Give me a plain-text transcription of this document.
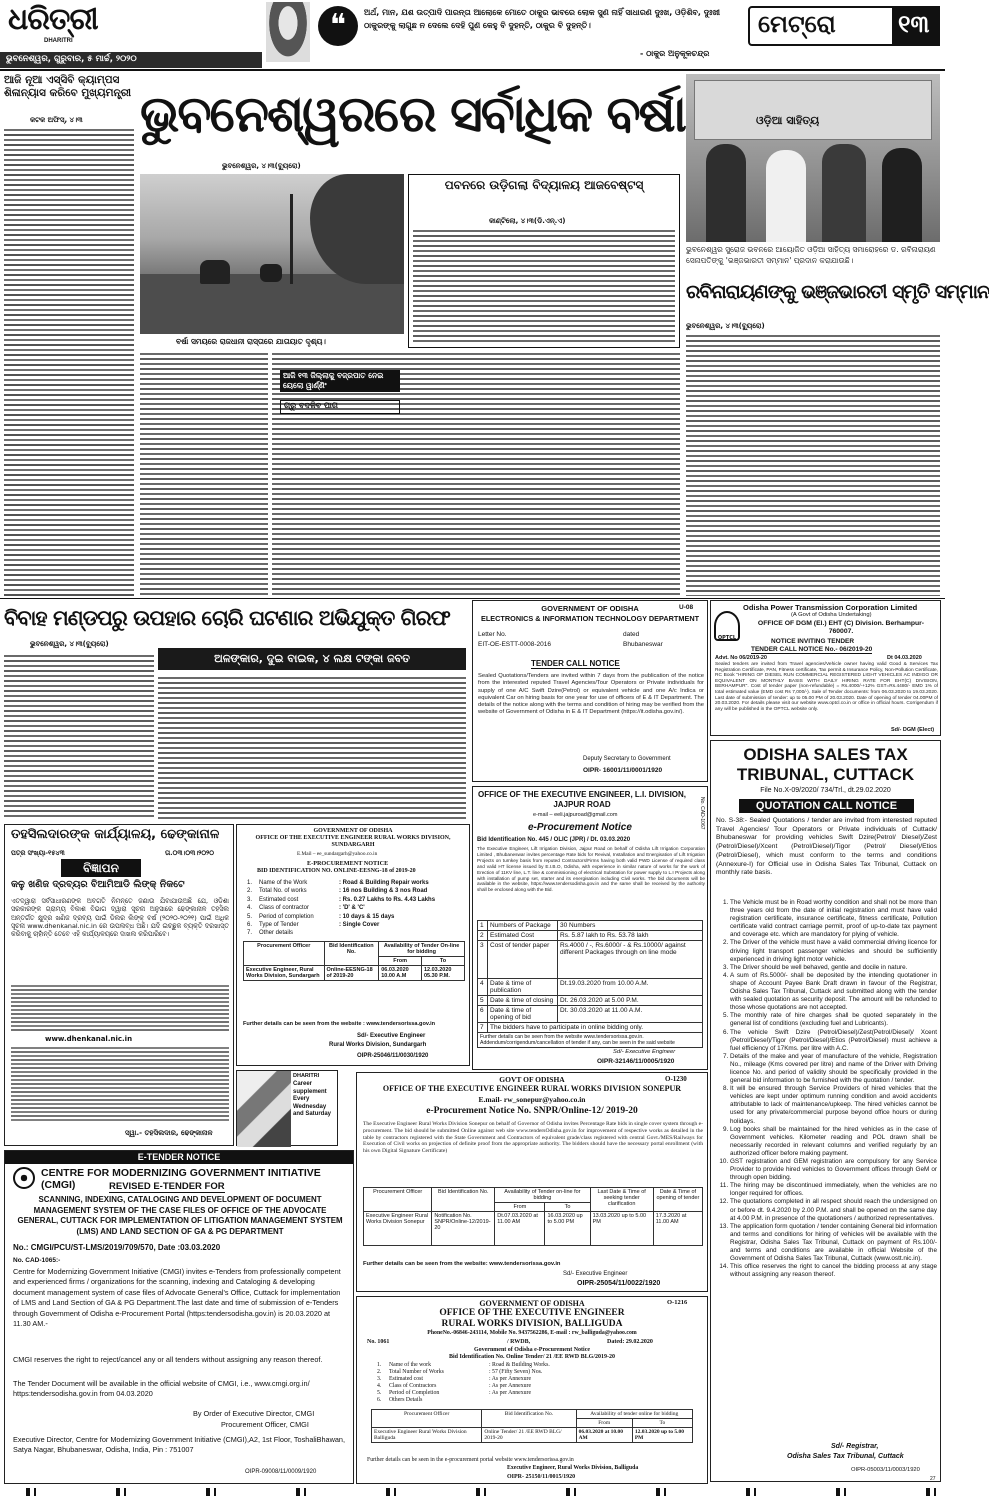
ଧରିତ୍ରୀ
DHARITRI
ଭୁବନେଶ୍ୱର, ଗୁରୁବାର, ୫ ମାର୍ଚ୍ଚ, ୨୦୨୦
❝	ଅର୍ଥ, ମାନ, ଯଶ ଉତ୍ପାଦି ପାରନ୍ତା ଆଲୋକେ ମୋତେ ଠାକୁର ଭାବରେ ଲୋକ ସୁଣ ନାହିଁ ସାଧାରଣ ଦୁଃଖ, ଓଡ଼ିଶିବ, ଦୁଃଖୀ ଠାକୁରଙ୍କୁ ଲାଗୁଛ ନ ଦେଲେ ଦେହି ପୁଣ କେହୁ ବି ଦୁହନ୍ତି, ଠାକୁର ବି ଦୁହନ୍ତି।
- ଠାକୁର ଅନୁକୂଳଚନ୍ଦ୍ର
ମେଟ୍ରୋ	୧୩
ଆଜି ନୂଆ ଏସ୍‌ସିବି କ୍ୟାମ୍ପସ ଶିଳାନ୍ୟାସ କରିବେ ମୁଖ୍ୟମନ୍ତ୍ରୀ
କଟକ ଅଫିସ୍, ୪।୩ ଭୁବନେଶ୍ୱରରେ ସର୍ବାଧିକ ବର୍ଷା
ଭୁବନେଶ୍ୱର, ୪।୩(ବ୍ୟୁରୋ)
ବର୍ଷା ସମୟରେ ରାଜଧାନୀ ରାସ୍ତାରେ ଯାତାୟାତ ଦୃଶ୍ୟ।
ଆଜି ୧୩ ଜିଲ୍ଲାକୁ ବଜ୍ରପାତ ନେଇ ୟେଲୋ ୱାର୍ଣ୍ଣିଂ
ଗ୍ରୁ ବଦଳିବ ପାଗ
ପବନରେ ଉଡ଼ିଗଲା ବିଦ୍ୟାଳୟ ଆଜବେଷ୍ଟସ୍
କାଣ୍ଟିଲୋ, ୪।୩(ଡି.ଏନ୍.ଏ)
ଓଡ଼ିଆ ସାହିତ୍ୟ
ଭୁବନେଶ୍ୱର ସୁରୋଜ ଭବନରେ ଆୟୋଜିତ ଓଡ଼ିଆ ସାହିତ୍ୟ ସମାରୋହରେ ଡ. ରବିନାରାୟଣ ସେନାପତିଙ୍କୁ 'ଭଞ୍ଜଭାରତୀ ସମ୍ମାନ' ପ୍ରଦାନ କରାଯାଉଛି।
ରବିନାରାୟଣଙ୍କୁ ଭଞ୍ଜଭାରତୀ ସ୍ମୃତି ସମ୍ମାନ
ଭୁବନେଶ୍ୱର, ୪।୩(ବ୍ୟୁରୋ)
ବିବାହ ମଣ୍ଡପରୁ ଉପହାର ଚୋରି ଘଟଣାର ଅଭିଯୁକ୍ତ ଗିରଫ
ଭୁବନେଶ୍ୱର, ୪।୩(ବ୍ୟୁରୋ)
ଅଳଙ୍କାର, ଦୁଇ ବାଇକ, ୪ ଲକ୍ଷ ଟଙ୍କା ଜବତ
GOVERNMENT OF ODISHA	U-08
ELECTRONICS & INFORMATION TECHNOLOGY DEPARTMENT
Letter No.
EIT-OE-ESTT-0008-2016
dated
Bhubaneswar
TENDER CALL NOTICE
Sealed Quotations/Tenders are invited within 7 days from the publication of the notice from the interested reputed Travel Agencies/Tour Operators or Private individuals for supply of one A/C Swift Dzire(Petrol) or equivalent vehicle and one A/c Indica or equivalent Car on hiring basis for one year for use of officers of E & IT Department. The details of the notice along with the terms and condition of hiring may be verified from the website of Government of Odisha in E & IT Department (https://it.odisha.gov.in/).
Deputy Secretary to Government
OIPR- 16001/11/0001/1920
OPTCL
Odisha Power Transmission Corporation Limited
(A Govt of Odisha Undertaking)
OFFICE OF DGM (El.) EHT (C) Division. Berhampur-760007.
NOTICE INVITING TENDER
TENDER CALL NOTICE No.- 06/2019-20
Advt. No 06/2019-20	Dt 04.03.2020
Sealed tenders are invited from Travel agencies/Vehicle owner having valid Good & Services Tax Registration Certificate, PAN, Fitness certificate, Tax permit & Insurance Policy, Non-Pollution Certificate, RC Book "HIRING OF DIESEL RUN COMMERCIAL REGISTERED LIGHT VEHICLES AC INDIGO OR EQUIVALENT ON MONTHLY BASIS WITH DAILY HIRING RATE FOR EHT(C) DIVISION, BERHAMPUR". Cost of tender paper (non-refundable) = Rs.4000/-+12% GST=Rs.4480/- EMD 1% of total estimated value (EMD cost Rs 7,000/-). Sale of Tender documents: from 06.03.2020 to 19.03.2020. Last date of submission of tender: up to 05.00 PM of 20.03.2020. Date of opening of tender 04.00PM of 20.03.2020. For details please visit our website www.optcl.co.in or office in official hours. Corrigendum if any will be published in the OPTCL website only.
Sd/- DGM (Elect)
ODISHA SALES TAX
TRIBUNAL, CUTTACK
File No.X-09/2020/ 734/Trl., dt.29.02.2020
QUOTATION CALL NOTICE
No. S-38:- Sealed Quotations / tender are invited from interested reputed Travel Agencies/ Tour Operators or Private individuals of Cuttack/ Bhubaneswar for providing vehicles Swift Dzire(Petrol/ Diesel)/Zest (Petrol/Diesel)/Xcent (Petrol/Diesel)/Tigor (Petrol/ Diesel)/Etios (Petrol/Diesel), which must conform to the terms and conditions (Annexure-I) for Official use in Odisha Sales Tax Tribunal, Cuttack on monthly rate basis.
1. The Vehicle must be in Road worthy condition and shall not be more than three years old from the date of initial registration and must have valid registration certificate, insurance certificate, fitness certificate, Pollution certificate valid contract carriage permit, proof of up-to-date tax payment and coverage etc. which are mandatory for plying of vehicle.
2. The Driver of the vehicle must have a valid commercial driving licence for driving light transport passenger vehicles and should be sufficiently experienced in driving light motor vehicle.
3. The Driver should be well behaved, gentle and docile in nature.
4. A sum of Rs.5000/- shall be deposited by the intending quotationer in shape of Account Payee Bank Draft drawn in favour of the Registrar, Odisha Sales Tax Tribunal, Cuttack and submitted along with the tender with sealed quotation as security deposit. The amount will be refunded to those whose quotations are not accepted.
5. The monthly rate of hire charges shall be quoted separately in the general list of conditions (excluding fuel and Lubricants).
6. The vehicle Swift Dzire (Petrol/Diesel)/Zest(Petrol/Diesel)/ Xcent (Petrol/Diesel)/Tigor (Petrol/Diesel)/Etios (Petrol/Diesel) must achieve a fuel efficiency of 17Kms. per litre with A.C.
7. Details of the make and year of manufacture of the vehicle, Registration No., mileage (Kms covered per litre) and name of the Driver with Driving licence No. and period of validity should be specifically provided in the general bid information to be furnished with the quotation / tender.
8. It will be ensured through Service Providers of hired vehicles that the vehicles are kept under optimum running condition and avoid accidents attributable to lack of maintenance/upkeep. The hired vehicles cannot be used for any private/commercial purpose beyond office hours or during holidays.
9. Log books shall be maintained for the hired vehicles as in the case of Government vehicles. Kilometer reading and POL drawn shall be necessarily recorded in relevant columns and verified regularly by an authorized officer before making payment.
10. GST registration and GEM registration are compulsory for any Service Provider to provide hired vehicles to Government offices through GeM or through open bidding.
11. The hiring may be discontinued immediately, when the vehicles are no longer required for offices.
12. The quotations completed in all respect should reach the undersigned on or before dt. 9.4.2020 by 2.00 P.M. and shall be opened on the same day at 4.00 P.M. in presence of the quotationers / authorized representatives.
13. The application form quotation / tender containing General bid information and terms and conditions for hiring of vehicles will be available with the Registrar, Odisha Sales Tax Tribunal, Cuttack on payment of Rs.100/- and terms and conditions are available in official Website of the Government of Odisha Sales Tax Tribunal, Cuttack (www.ostt.nic.in).
14. This office reserves the right to cancel the bidding process at any stage without assigning any reason thereof.
Sd/- Registrar,
Odisha Sales Tax Tribunal, Cuttack
OIPR-05003/11/0003/1920
OFFICE OF THE EXECUTIVE ENGINEER, L.I. DIVISION, JAJPUR ROAD
e-mail – eeli.jajpuroad@gmail.com	No. CAD-1067
e-Procurement Notice
Bid Identification No. 445 / OLIC (JPR) / Dt. 03.03.2020
The Executive Engineer, Lift Irrigation Division, Jajpur Road on behalf of Odisha Lift Irrigation Corporation Limited , Bhubaneswar invites percentage Rate bids for Revival, Installation and Energisation of Lift Irrigation Projects on turnkey basis from reputed Contractors/Firms having both valid PWD License of required class and valid HT license issued by E.I.B.O, Odisha, with experience in similar nature of works for the work of Erection of 11KV line, L.T. line & commissioning of electrical Substation for power supply to L.I Projects along with installation of pump set, starter and its energisation including Civil works. The bid documents will be available in the website, https://www.tendersodisha.gov.in and the same shall be received by the authority shall be enclosed along with the Bid.
1	Numbers of Package	30 Numbers
2	Estimated Cost	Rs. 5.87 lakh to Rs. 53.78 lakh
3	Cost of tender paper	Rs.4000 / -, Rs.6000/ - & Rs.10000/ against different Packages through on line mode
4	Date & time of publication	Dt.19.03.2020 from 10.00 A.M.
5	Date & time of closing	Dt. 26.03.2020 at 5.00 P.M.
6	Date & time of opening of bid	Dt. 30.03.2020 at 11.00 A.M.
7	The bidders have to participate in online bidding only.	
Further details can be seen from the website www.tendersorissa.gov.in. Addendum/corrigendum/cancellation of tender if any, can be seen in the said website		
Sd/- Executive Engineer
OIPR-32146/11/0005/1920
GOVERNMENT OF ODISHA
OFFICE OF THE EXECUTIVE ENGINEER RURAL WORKS DIVISION, SUNDARGARH
E.Mail – ee_sundargarh@yahoo.co.in
E-PROCUREMENT NOTICE
BID IDENTIFICATION NO. ONLINE-EESNG-18 of 2019-20
1. Name of the Work	: Road & Building Repair works
2. Total No. of works	: 16 nos Building & 3 nos Road
3. Estimated cost	: Rs. 0.27 Lakhs to Rs. 4.43 Lakhs
4. Class of contractor	: 'D' & 'C'
5. Period of completion	: 10 days & 15 days
6. Type of Tender	: Single Cover
7. Other details
Procurement Officer	Bid Identification No.	Availability of Tender On-line for bidding	
		From	To
Executive Engineer, Rural Works Division, Sundargarh	Online-EESNG-18 of 2019-20	06.03.2020 10.00 A.M	12.03.2020 05.30 P.M.
Further details can be seen from the website : www.tendersorissa.gov.in
Sd/- Executive Engineer
Rural Works Division, Sundargarh
OIPR-25046/11/0030/1920
ତହସିଲଦାରଙ୍କ କାର୍ଯ୍ୟାଳୟ, ଢେଙ୍କାନାଳ
ପତ୍ର ସଂଖ୍ୟା-୧୫୪୩	ତା.୦୩।୦୩।୨୦୨୦
ବିଜ୍ଞାପନ
କଳୁ ଖଣିଜ ଦ୍ରବ୍ୟର ବିଆମିଆଡି ଲିଙ୍କ୍ ନିକଟେ
ଏତଦ୍ୱାରା ସର୍ବସାଧାରଣଙ୍କ ଅବଗତି ନିମନ୍ତେ ଜଣାଉ ଯିବାଯାଉଅଛି ଯେ, ଓଡ଼ିଶା ସରକାରଙ୍କ ଗ୍ରାମ୍ୟ ବିକାଶ ବିଭାଗ ଦ୍ୱାରା ସୂଚନା ଅନୁସାରେ ଢେଙ୍କାନାଳ ତହସିଲ ଅନ୍ତର୍ଗତ କ୍ଷୁଦ୍ର ଖଣିଜ ଦ୍ରବ୍ୟ ପାଇଁ ଡିଲର ଲିଙ୍କ୍ ବର୍ଷ (୨୦୨୦-୨୦୨୧) ପାଇଁ ଅଧିକ ସୂଚନା www.dhenkanal.nic.in ରେ ଉପଲବ୍ଧ ଅଛି। ଯଦି ଇଚ୍ଛୁକ ବ୍ୟକ୍ତି ଦରଖାସ୍ତ କରିବାକୁ ଚାହାଁନ୍ତି ତେବେ ଏହି କାର୍ଯ୍ୟାଳୟରେ ଦାଖଲ କରିପାରିବେ।
www.dhenkanal.nic.in
ସ୍ୱା.- ତହସିଲଦାର, ଢେଙ୍କାନାଳ
DHARITRI
Career supplement Every Wednesday and Saturday
GOVT OF ODISHA	O-1230
OFFICE OF THE EXECUTIVE ENGINEER RURAL WORKS DIVISION SONEPUR
E.mail- rw_sonepur@yahoo.co.in
e-Procurement Notice No. SNPR/Online-12/ 2019-20
The Executive Engineer Rural Works Division Sonepur on behalf of Governor of Odisha invites Percentage Rate bids in single cover system through e-procurement. The bid should be submitted Online against web site www.tendersOdisha.gov.in for improvement of respective works as detailed in the table by contractors registered with the State Government and Contractors of equivalent grade/class registered with central Govt./MES/Railways for Execution of Civil works on projection of definite proof from the appropriate authority. The bidders should have the necessary portal enrollment (with his own Digital Signature Certificate)
Procurement Officer	Bid Identification No.	Availability of Tender on-line for bidding		Last Date & Time of seeking tender clarification	Date & Time of opening of tender
		From	To		
Executive Engineer Rural Works Division Sonepur	Notification No. SNPR/Online-12/2019-20	Dt.07.03.2020 at 11.00 AM	16.03.2020 up to 5.00 PM	13.03.2020 up to 5.00 PM	17.3.2020 at 11.00 AM
Further details can be seen from the website: www.tendersorissa.gov.in
Sd/- Executive Engineer
OIPR-25054/11/0022/1920
E-TENDER NOTICE
CENTRE FOR MODERNIZING GOVERNMENT INITIATIVE (CMGI)	REVISED E-TENDER FOR
SCANNING, INDEXING, CATALOGING AND DEVELOPMENT OF DOCUMENT MANAGEMENT SYSTEM OF THE CASE FILES OF OFFICE OF THE ADVOCATE GENERAL, CUTTACK FOR IMPLEMENTATION OF LITIGATION MANAGEMENT SYSTEM (LMS) AND LAND SECTION OF GA & PG DEPARTMENT
No.: CMGI/PCU/ST-LMS/2019/709/570, Date :03.03.2020
No. CAD-1065:-
Centre for Modernizing Government Initiative (CMGI) invites e-Tenders from professionally competent and experienced firms / organizations for the scanning, indexing and Cataloging & developing document management system of case files of Advocate General's Office, Cuttack for implementation of LMS and Land Section of GA & PG Department.The last date and time of submission of e-Tenders through Government of Odisha e-Procurement Portal (https:tendersodisha.gov.in) is 20.03.2020 at 11.30 AM.-
CMGI reserves the right to reject/cancel any or all tenders without assigning any reason thereof.
The Tender Document will be available in the official website of CMGI, i.e., www.cmgi.org.in/ https:tendersodisha.gov.in from 04.03.2020
By Order of Executive Director, CMGI
Procurement Officer, CMGI
Executive Director, Centre for Modernizing Government Initiative (CMGI),A2, 1st Floor, ToshaliBhawan, Satya Nagar, Bhubaneswar, Odisha, India, Pin : 751007
OIPR-09008/11/0009/1920
GOVERNMENT OF ODISHA	O-1216
OFFICE OF THE EXECUTIVE ENGINEER
RURAL WORKS DIVISION, BALLIGUDA
PhoneNo.-06846-243114, Mobile No. 9437562286, E-mail : rw_balliguda@yahoo.com
No. 1061	/ RWDB,	Dated: 29.02.2020
Government of Odisha e-Procurement Notice
Bid Identification No. Online Tender/ 21 /EE RWD BLG/2019-20
1. Name of the work	: Road & Building Works.
2. Total Number of Works	: 57 (Fifty Seven) Nos.
3. Estimated cost	: As per Annexure
4. Class of Contractors	: As per Annexure
5. Period of Completion	: As per Annexure
6. Others Details
Procurement Officer	Bid Identification No.	Availability of tender online for bidding	
		From	To
Executive Engineer Rural Works Division Balliguda	Online Tender/ 21 /EE RWD BLG/ 2019-20	06.03.2020 at 10.00 AM	12.03.2020 up to 5.00 PM
Further details can be seen in the e-procurement portal website www.tendersorissa.gov.in
Executive Engineer, Rural Works Division, Balliguda
OIPR- 25150/11/0015/1920	27
